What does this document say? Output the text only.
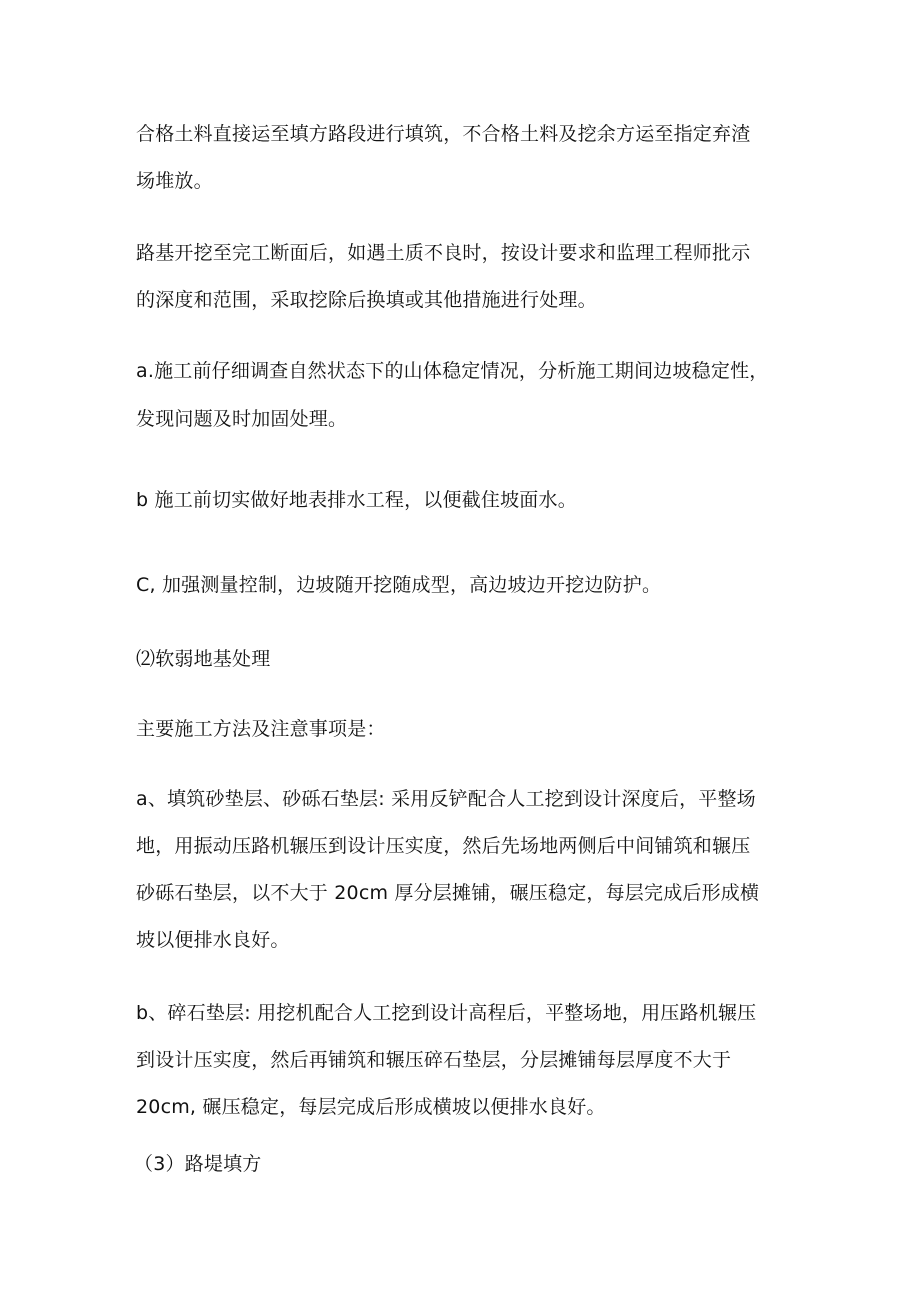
合格土料直接运至填方路段进行填筑，不合格土料及挖余方运至指定弃渣

场堆放。

路基开挖至完工断面后，如遇土质不良时，按设计要求和监理工程师批示

的深度和范围，采取挖除后换填或其他措施进行处理。

a.施工前仔细调查自然状态下的山体稳定情况，分析施工期间边坡稳定性，

发现问题及时加固处理。

b 施工前切实做好地表排水工程，以便截住坡面水。

C, 加强测量控制，边坡随开挖随成型，高边坡边开挖边防护。

⑵软弱地基处理

主要施工方法及注意事项是：

a、填筑砂垫层、砂砾石垫层: 采用反铲配合人工挖到设计深度后，平整场

地，用振动压路机辗压到设计压实度，然后先场地两侧后中间铺筑和辗压

砂砾石垫层，以不大于 20cm 厚分层摊铺，碾压稳定，每层完成后形成横

坡以便排水良好。

b、碎石垫层: 用挖机配合人工挖到设计高程后，平整场地，用压路机辗压

到设计压实度，然后再铺筑和辗压碎石垫层，分层摊铺每层厚度不大于

20cm, 碾压稳定，每层完成后形成横坡以便排水良好。

（3）路堤填方
